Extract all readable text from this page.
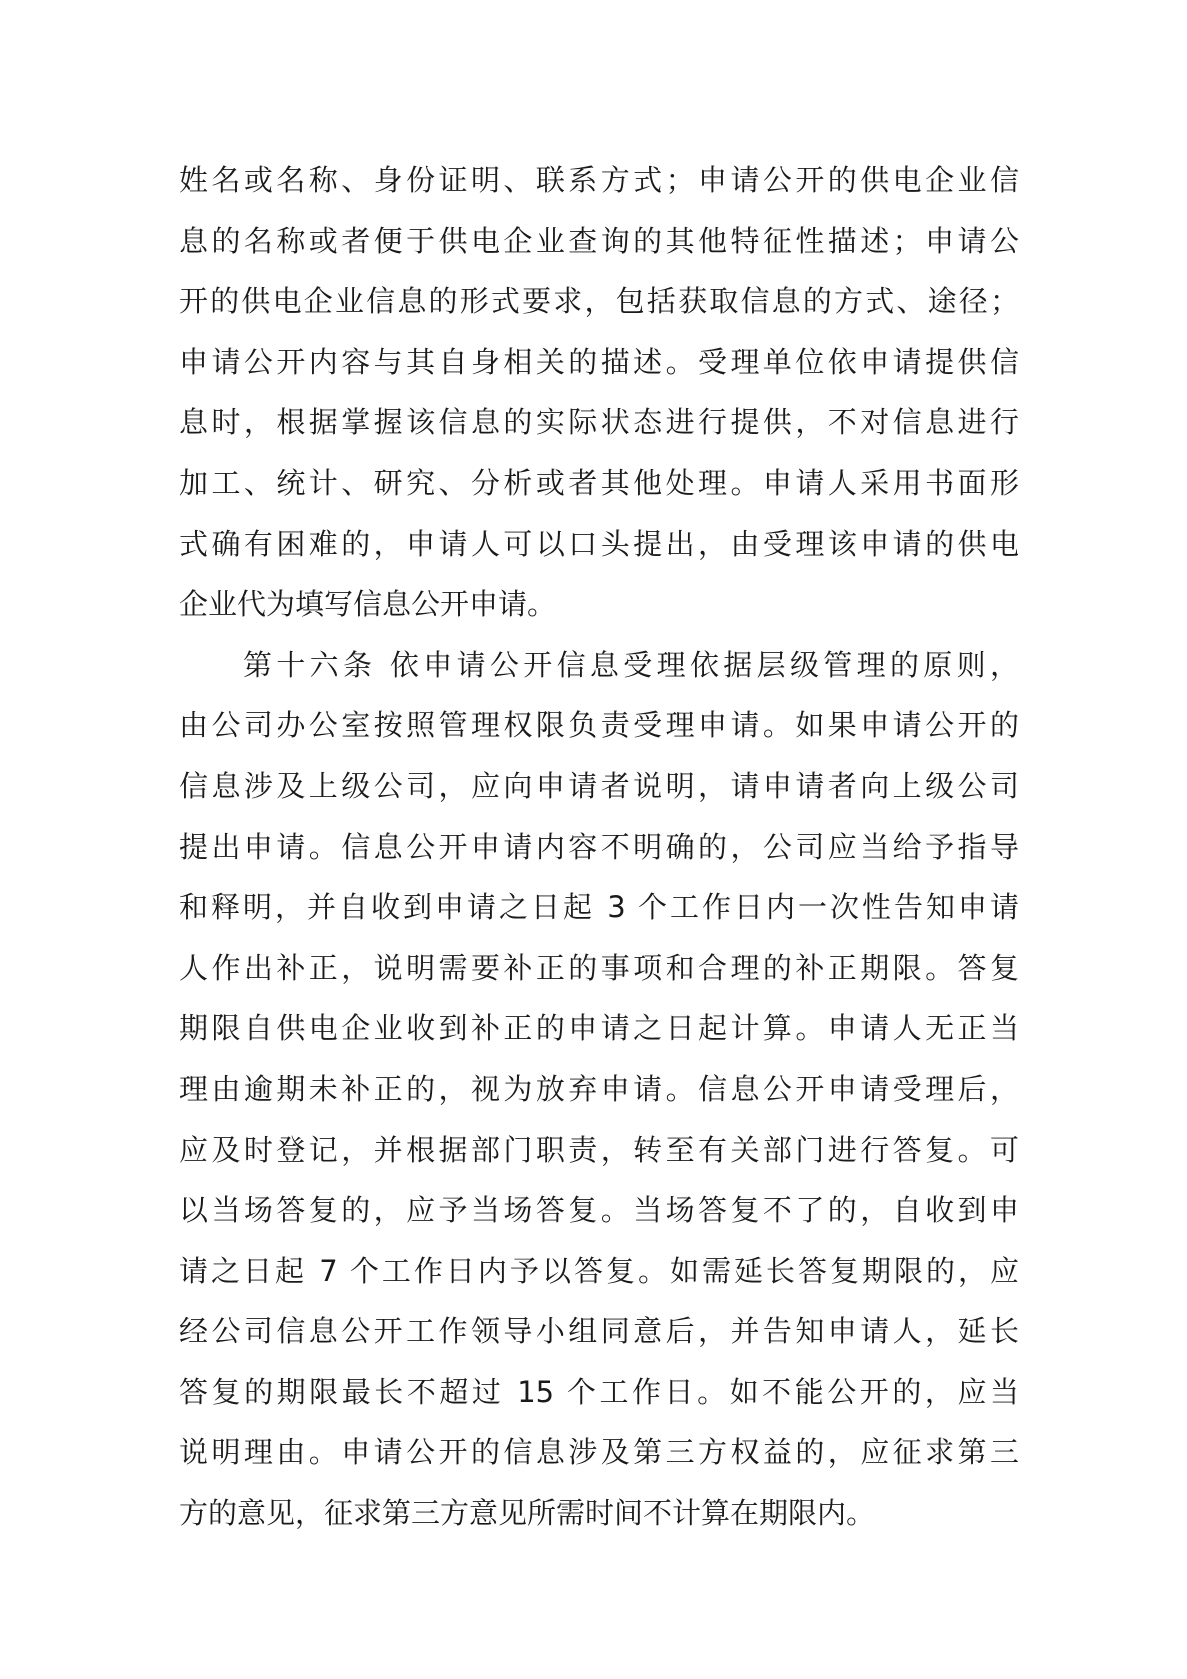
姓名或名称、身份证明、联系方式；申请公开的供电企业信
息的名称或者便于供电企业查询的其他特征性描述；申请公
开的供电企业信息的形式要求，包括获取信息的方式、途径；
申请公开内容与其自身相关的描述。受理单位依申请提供信
息时，根据掌握该信息的实际状态进行提供，不对信息进行
加工、统计、研究、分析或者其他处理。申请人采用书面形
式确有困难的，申请人可以口头提出，由受理该申请的供电
企业代为填写信息公开申请。
第十六条 依申请公开信息受理依据层级管理的原则，
由公司办公室按照管理权限负责受理申请。如果申请公开的
信息涉及上级公司，应向申请者说明，请申请者向上级公司
提出申请。信息公开申请内容不明确的，公司应当给予指导
和释明，并自收到申请之日起 3 个工作日内一次性告知申请
人作出补正，说明需要补正的事项和合理的补正期限。答复
期限自供电企业收到补正的申请之日起计算。申请人无正当
理由逾期未补正的，视为放弃申请。信息公开申请受理后，
应及时登记，并根据部门职责，转至有关部门进行答复。可
以当场答复的，应予当场答复。当场答复不了的，自收到申
请之日起 7 个工作日内予以答复。如需延长答复期限的，应
经公司信息公开工作领导小组同意后，并告知申请人，延长
答复的期限最长不超过 15 个工作日。如不能公开的，应当
说明理由。申请公开的信息涉及第三方权益的，应征求第三
方的意见，征求第三方意见所需时间不计算在期限内。
